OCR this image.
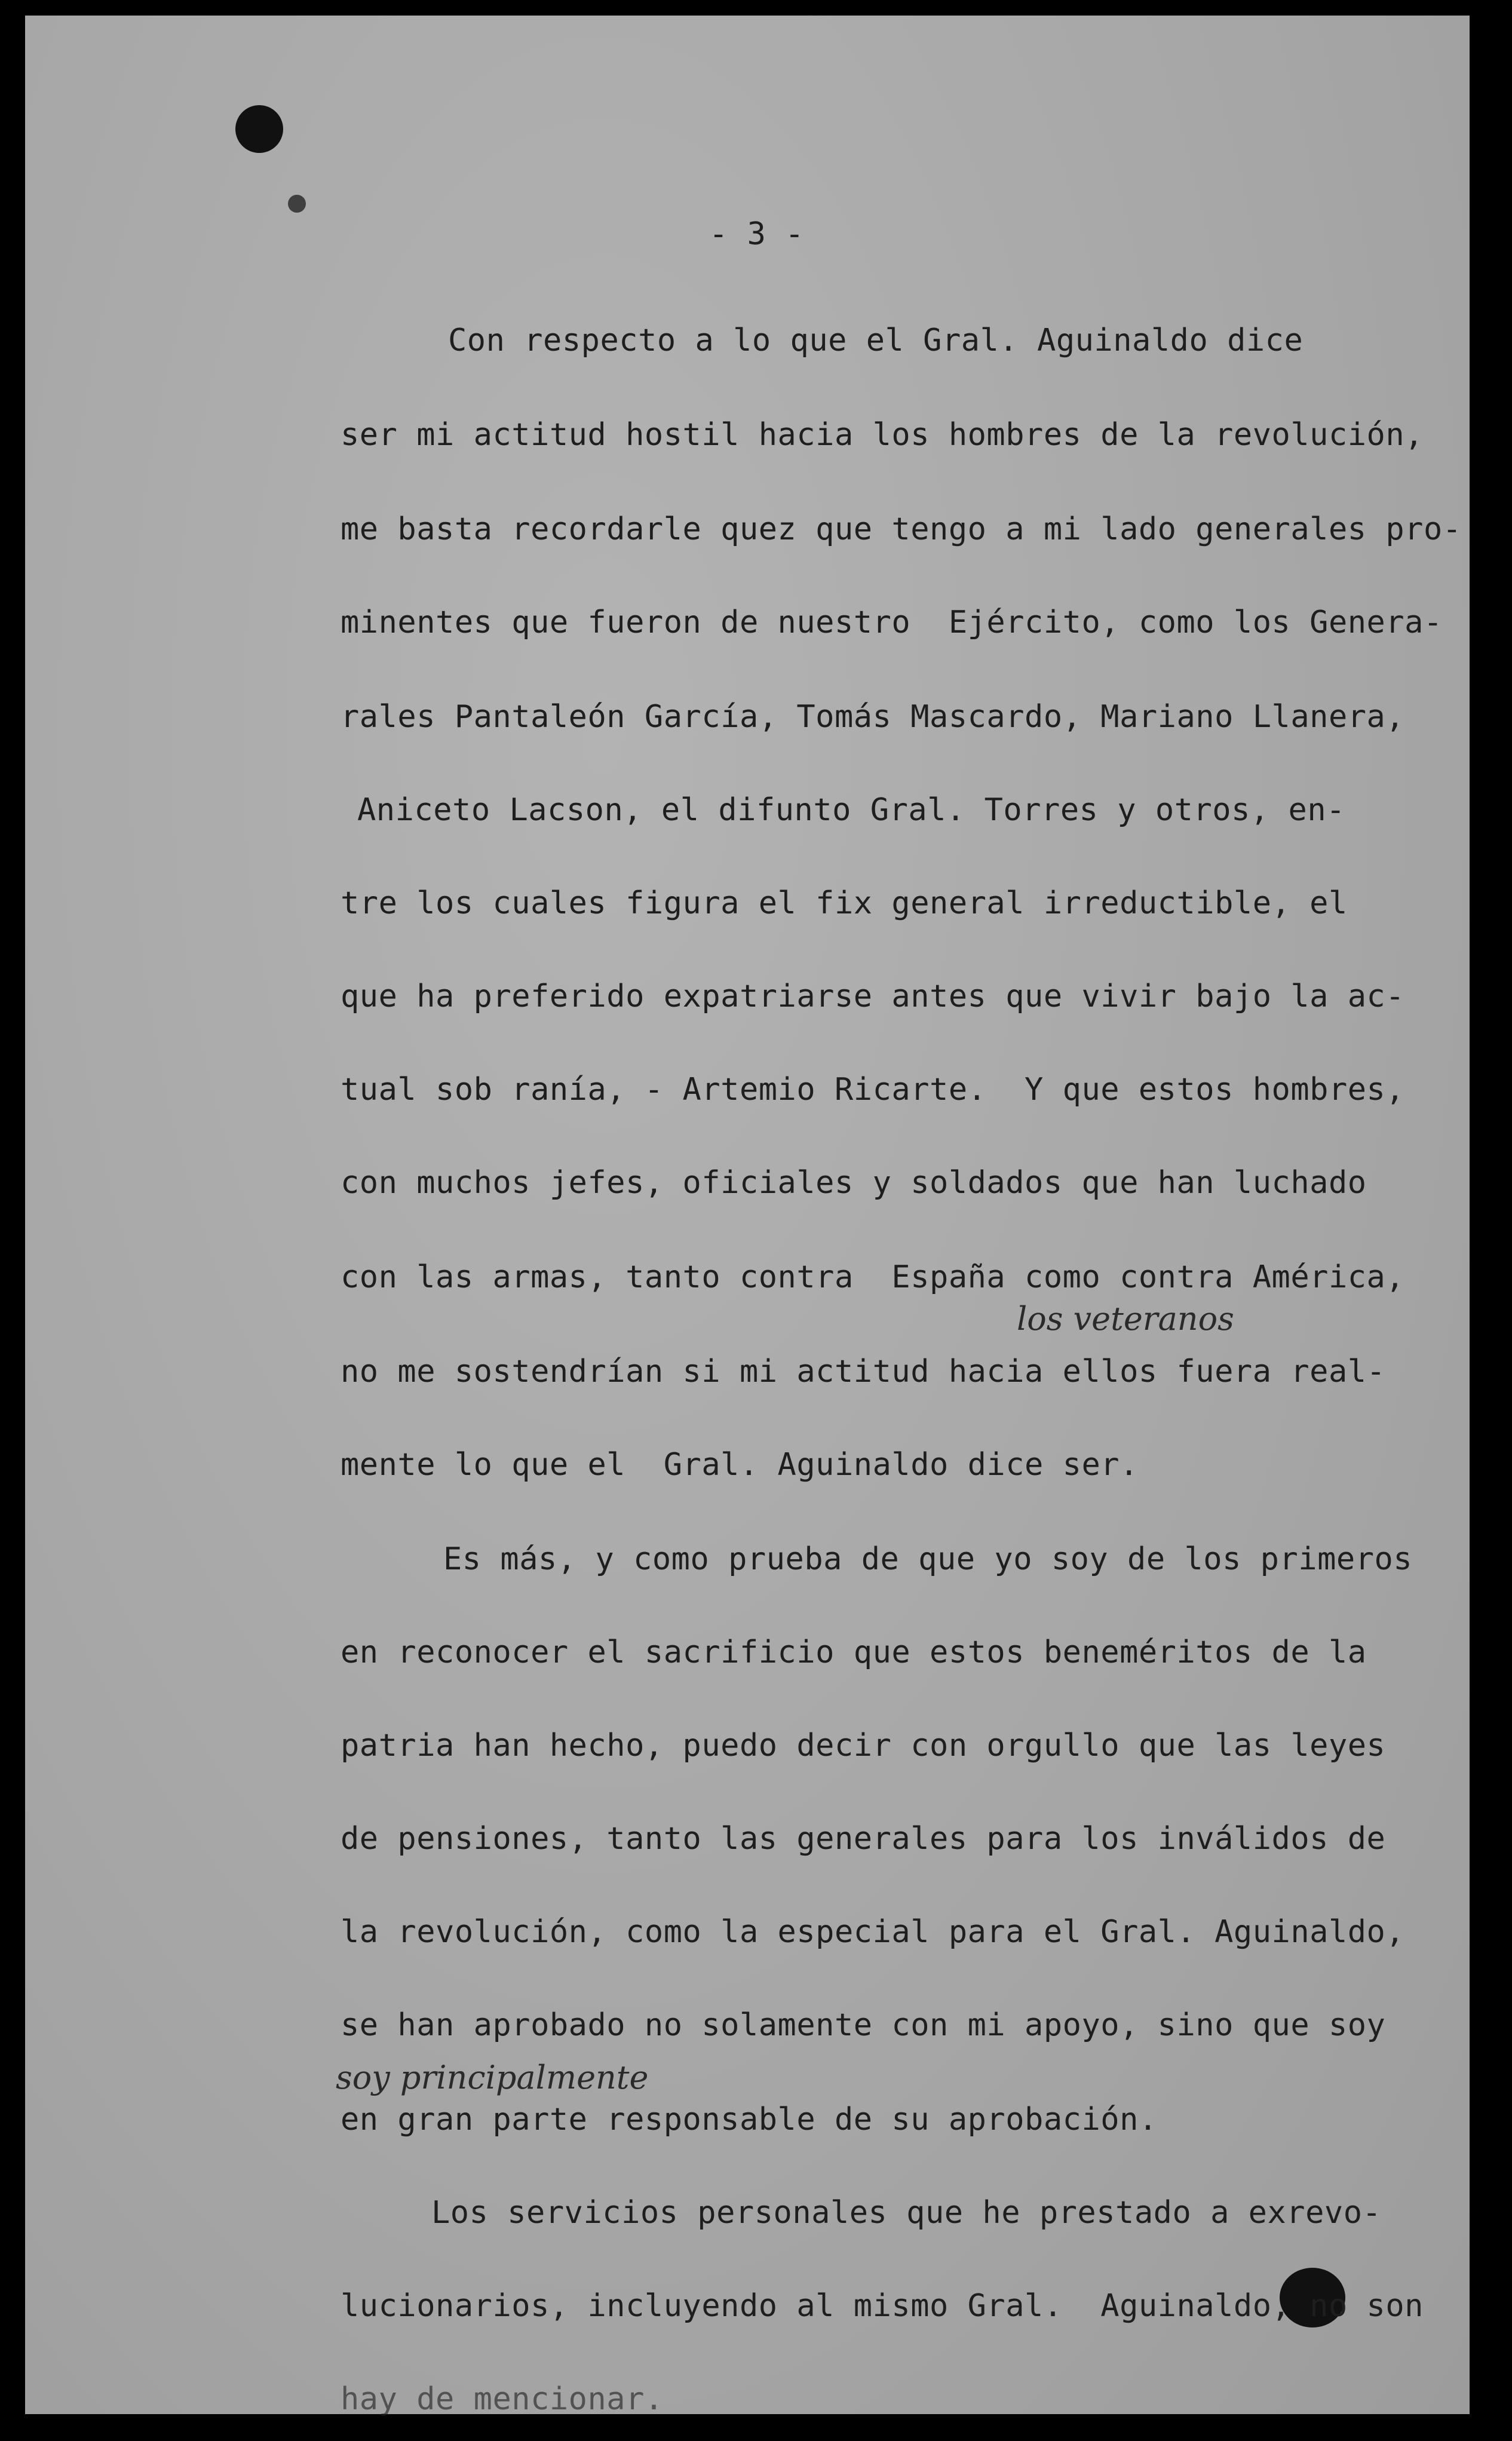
- 3 -
Con respecto a lo que el Gral. Aguinaldo dice
ser mi actitud hostil hacia los hombres de la revolución,
me basta recordarle quez que tengo a mi lado generales pro-
minentes que fueron de nuestro  Ejército, como los Genera-
rales Pantaleón García, Tomás Mascardo, Mariano Llanera,
Aniceto Lacson, el difunto Gral. Torres y otros, en-
tre los cuales figura el fix general irreductible, el
que ha preferido expatriarse antes que vivir bajo la ac-
tual sob ranía, - Artemio Ricarte.  Y que estos hombres,
con muchos jefes, oficiales y soldados que han luchado
con las armas, tanto contra  España como contra América,
los veteranos
no me sostendrían si mi actitud hacia ellos fuera real-
mente lo que el  Gral. Aguinaldo dice ser.
Es más, y como prueba de que yo soy de los primeros
en reconocer el sacrificio que estos beneméritos de la
patria han hecho, puedo decir con orgullo que las leyes
de pensiones, tanto las generales para los inválidos de
la revolución, como la especial para el Gral. Aguinaldo,
se han aprobado no solamente con mi apoyo, sino que soy
soy principalmente
en gran parte responsable de su aprobación.
Los servicios personales que he prestado a exrevo-
lucionarios, incluyendo al mismo Gral.  Aguinaldo, no son
hay de mencionar.
